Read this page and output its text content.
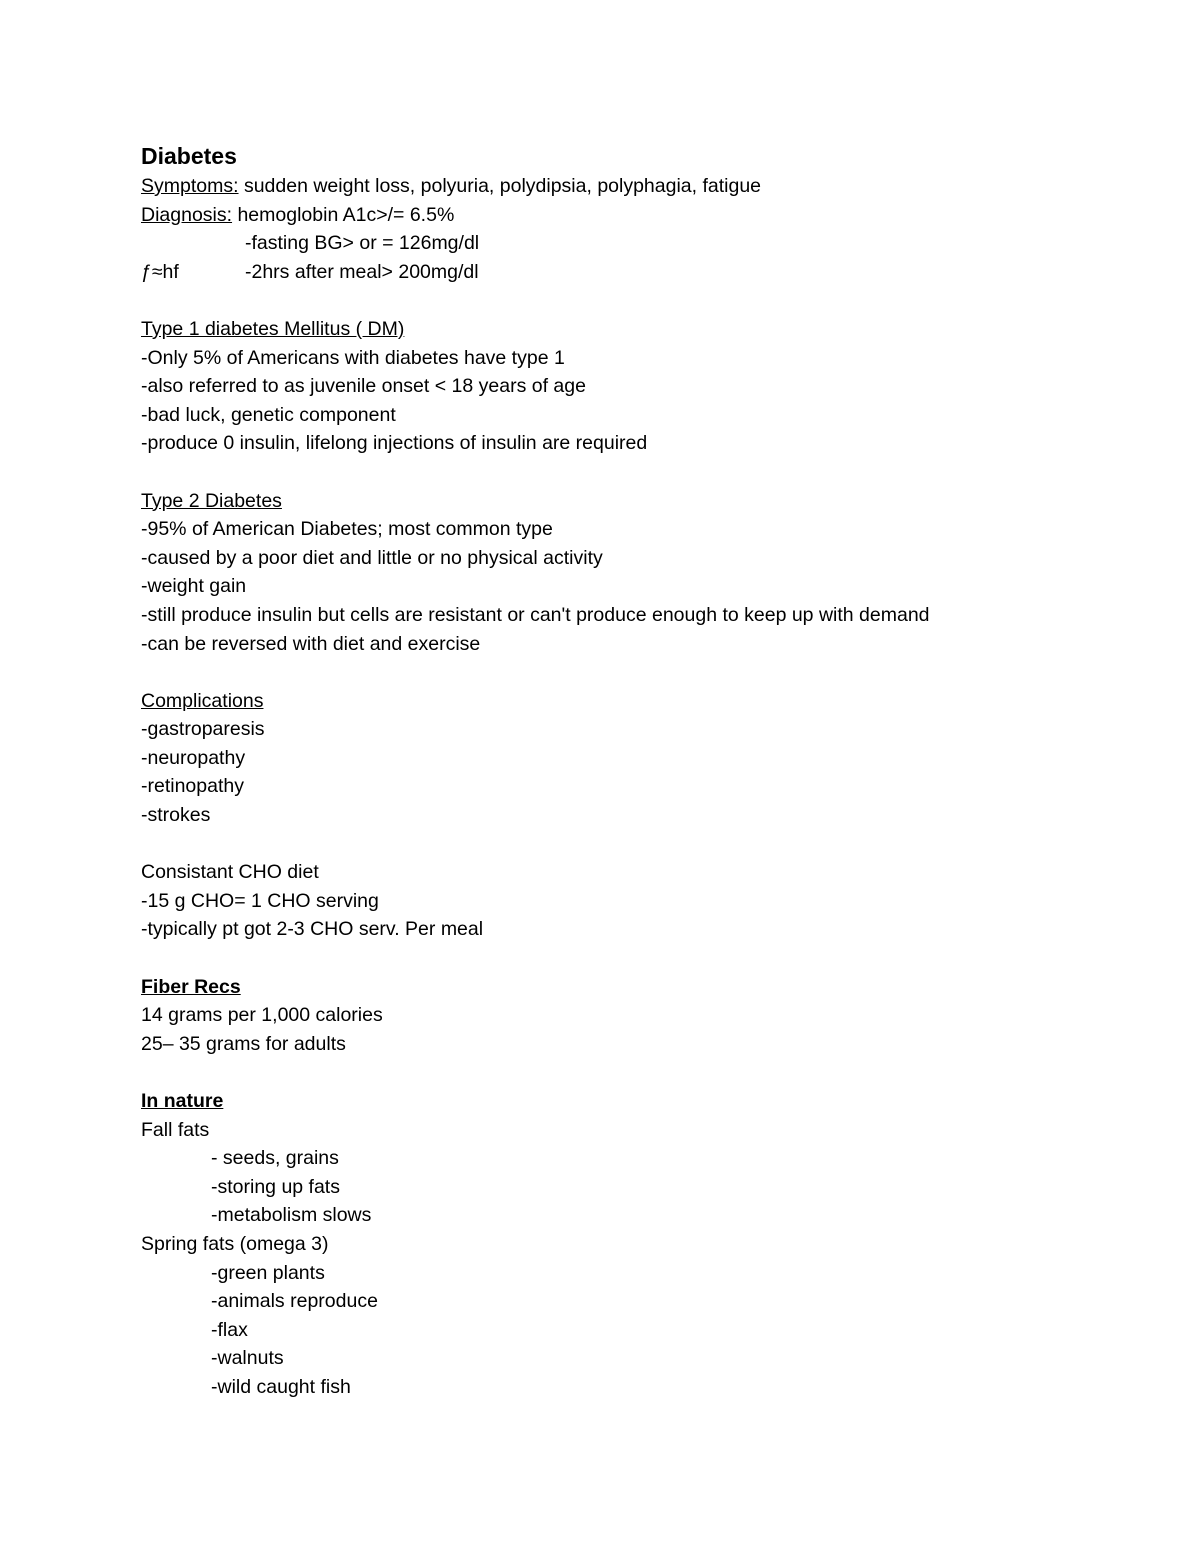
Diabetes
Symptoms: sudden weight loss, polyuria, polydipsia, polyphagia, fatigue
Diagnosis: hemoglobin A1c>/= 6.5%
-fasting BG> or = 126mg/dl
ƒ≈hf	-2hrs after meal> 200mg/dl
Type 1 diabetes Mellitus ( DM)
-Only 5% of Americans with diabetes have type 1
-also referred to as juvenile onset < 18 years of age
-bad luck, genetic component
-produce 0 insulin, lifelong injections of insulin are required
Type 2 Diabetes
-95% of American Diabetes; most common type
-caused by a poor diet and little or no physical activity
-weight gain
-still produce insulin but cells are resistant or can't produce enough to keep up with demand
-can be reversed with diet and exercise
Complications
-gastroparesis
-neuropathy
-retinopathy
-strokes
Consistant CHO diet
-15 g CHO= 1 CHO serving
-typically pt got 2-3 CHO serv. Per meal
Fiber Recs
14 grams per 1,000 calories
25– 35 grams for adults
In nature
Fall fats
- seeds, grains
-storing up fats
-metabolism slows
Spring fats (omega 3)
-green plants
-animals reproduce
-flax
-walnuts
-wild caught fish
